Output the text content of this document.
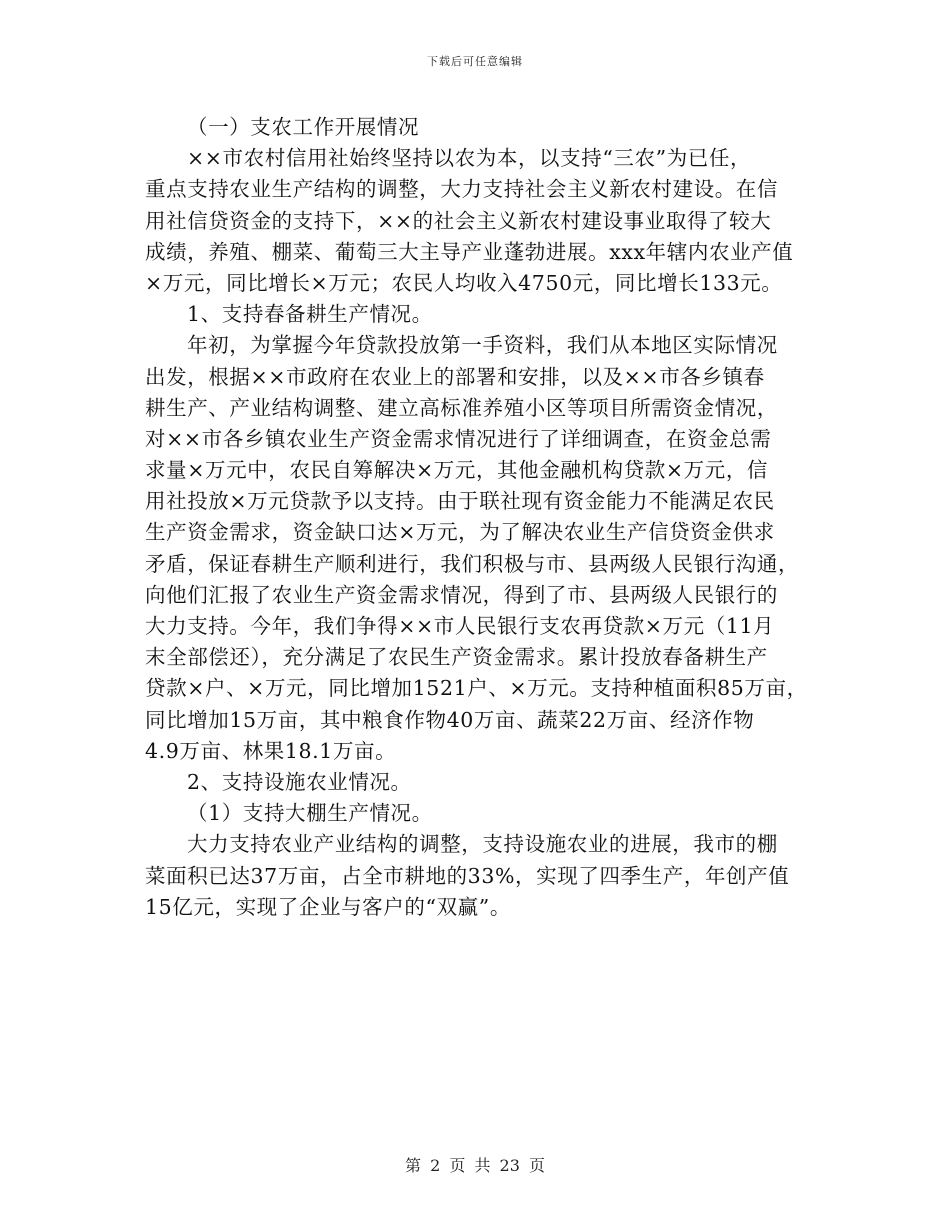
下载后可任意编辑
（一）支农工作开展情况
××市农村信用社始终坚持以农为本，以支持“三农”为已任，
重点支持农业生产结构的调整，大力支持社会主义新农村建设。在信
用社信贷资金的支持下，××的社会主义新农村建设事业取得了较大
成绩，养殖、棚菜、葡萄三大主导产业蓬勃进展。xxx年辖内农业产值
×万元，同比增长×万元；农民人均收入4750元，同比增长133元。
1、支持春备耕生产情况。
年初，为掌握今年贷款投放第一手资料，我们从本地区实际情况
出发，根据××市政府在农业上的部署和安排，以及××市各乡镇春
耕生产、产业结构调整、建立高标准养殖小区等项目所需资金情况，
对××市各乡镇农业生产资金需求情况进行了详细调查，在资金总需
求量×万元中，农民自筹解决×万元，其他金融机构贷款×万元，信
用社投放×万元贷款予以支持。由于联社现有资金能力不能满足农民
生产资金需求，资金缺口达×万元，为了解决农业生产信贷资金供求
矛盾，保证春耕生产顺利进行，我们积极与市、县两级人民银行沟通，
向他们汇报了农业生产资金需求情况，得到了市、县两级人民银行的
大力支持。今年，我们争得××市人民银行支农再贷款×万元（11月
末全部偿还），充分满足了农民生产资金需求。累计投放春备耕生产
贷款×户、×万元，同比增加1521户、×万元。支持种植面积85万亩，
同比增加15万亩，其中粮食作物40万亩、蔬菜22万亩、经济作物
4.9万亩、林果18.1万亩。
2、支持设施农业情况。
（1）支持大棚生产情况。
大力支持农业产业结构的调整，支持设施农业的进展，我市的棚
菜面积已达37万亩，占全市耕地的33%，实现了四季生产，年创产值
15亿元，实现了企业与客户的“双赢”。
第 2 页 共 23 页
